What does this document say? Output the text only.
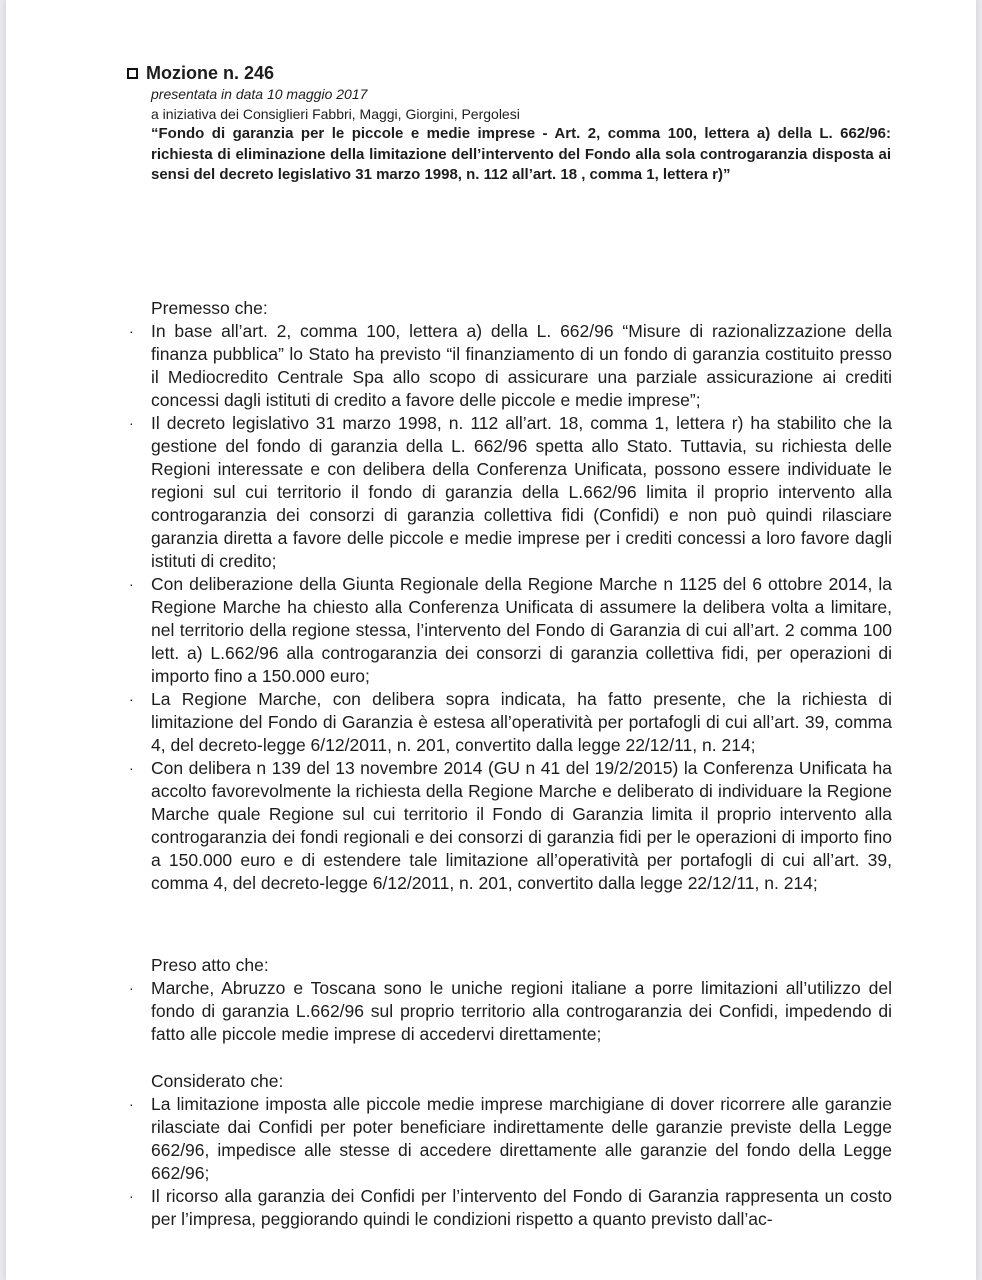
Mozione n. 246
presentata in data 10 maggio 2017
a iniziativa dei Consiglieri Fabbri, Maggi, Giorgini, Pergolesi
“Fondo di garanzia per le piccole e medie imprese - Art. 2, comma 100, lettera a) della L. 662/96: richiesta di eliminazione della limitazione dell’intervento del Fondo alla sola controgaranzia disposta ai sensi del decreto legislativo 31 marzo 1998, n. 112 all’art. 18 , comma 1, lettera r)”
Premesso che:
· In base all’art. 2, comma 100, lettera a) della L. 662/96 “Misure di razionalizzazione della finanza pubblica” lo Stato ha previsto “il finanziamento di un fondo di garanzia costituito presso il Mediocredito Centrale Spa allo scopo di assicurare una parziale assicurazione ai crediti concessi dagli istituti di credito a favore delle piccole e medie imprese”;
· Il decreto legislativo 31 marzo 1998, n. 112 all’art. 18, comma 1, lettera r) ha stabilito che la gestione del fondo di garanzia della L. 662/96 spetta allo Stato. Tuttavia, su richiesta delle Regioni interessate e con delibera della Conferenza Unificata, possono essere individuate le regioni sul cui territorio il fondo di garanzia della L.662/96 limita il proprio intervento alla controgaranzia dei consorzi di garanzia collettiva fidi (Confidi) e non può quindi rilasciare garanzia diretta a favore delle piccole e medie imprese per i crediti concessi a loro favore dagli istituti di credito;
· Con deliberazione della Giunta Regionale della Regione Marche n 1125 del 6 ottobre 2014, la Regione Marche ha chiesto alla Conferenza Unificata di assumere la delibera volta a limitare, nel territorio della regione stessa, l’intervento del Fondo di Garanzia di cui all’art. 2 comma 100 lett. a) L.662/96 alla controgaranzia dei consorzi di garanzia collettiva fidi, per operazioni di importo fino a 150.000 euro;
· La Regione Marche, con delibera sopra indicata, ha fatto presente, che la richiesta di limitazione del Fondo di Garanzia è estesa all’operatività per portafogli di cui all’art. 39, comma 4, del decreto-legge 6/12/2011, n. 201, convertito dalla legge 22/12/11, n. 214;
· Con delibera n 139 del 13 novembre 2014 (GU n 41 del 19/2/2015) la Conferenza Unificata ha accolto favorevolmente la richiesta della Regione Marche e deliberato di individuare la Regione Marche quale Regione sul cui territorio il Fondo di Garanzia limita il proprio intervento alla controgaranzia dei fondi regionali e dei consorzi di garanzia fidi per le operazioni di importo fino a 150.000 euro e di estendere tale limitazione all’operatività per portafogli di cui all’art. 39, comma 4, del decreto-legge 6/12/2011, n. 201, convertito dalla legge 22/12/11, n. 214;
Preso atto che:
· Marche, Abruzzo e Toscana sono le uniche regioni italiane a porre limitazioni all’utilizzo del fondo di garanzia L.662/96 sul proprio territorio alla controgaranzia dei Confidi, impedendo di fatto alle piccole medie imprese di accedervi direttamente;
Considerato che:
· La limitazione imposta alle piccole medie imprese marchigiane di dover ricorrere alle garanzie rilasciate dai Confidi per poter beneficiare indirettamente delle garanzie previste della Legge 662/96, impedisce alle stesse di accedere direttamente alle garanzie del fondo della Legge 662/96;
· Il ricorso alla garanzia dei Confidi per l’intervento del Fondo di Garanzia rappresenta un costo per l’impresa, peggiorando quindi le condizioni rispetto a quanto previsto dall’ac-
